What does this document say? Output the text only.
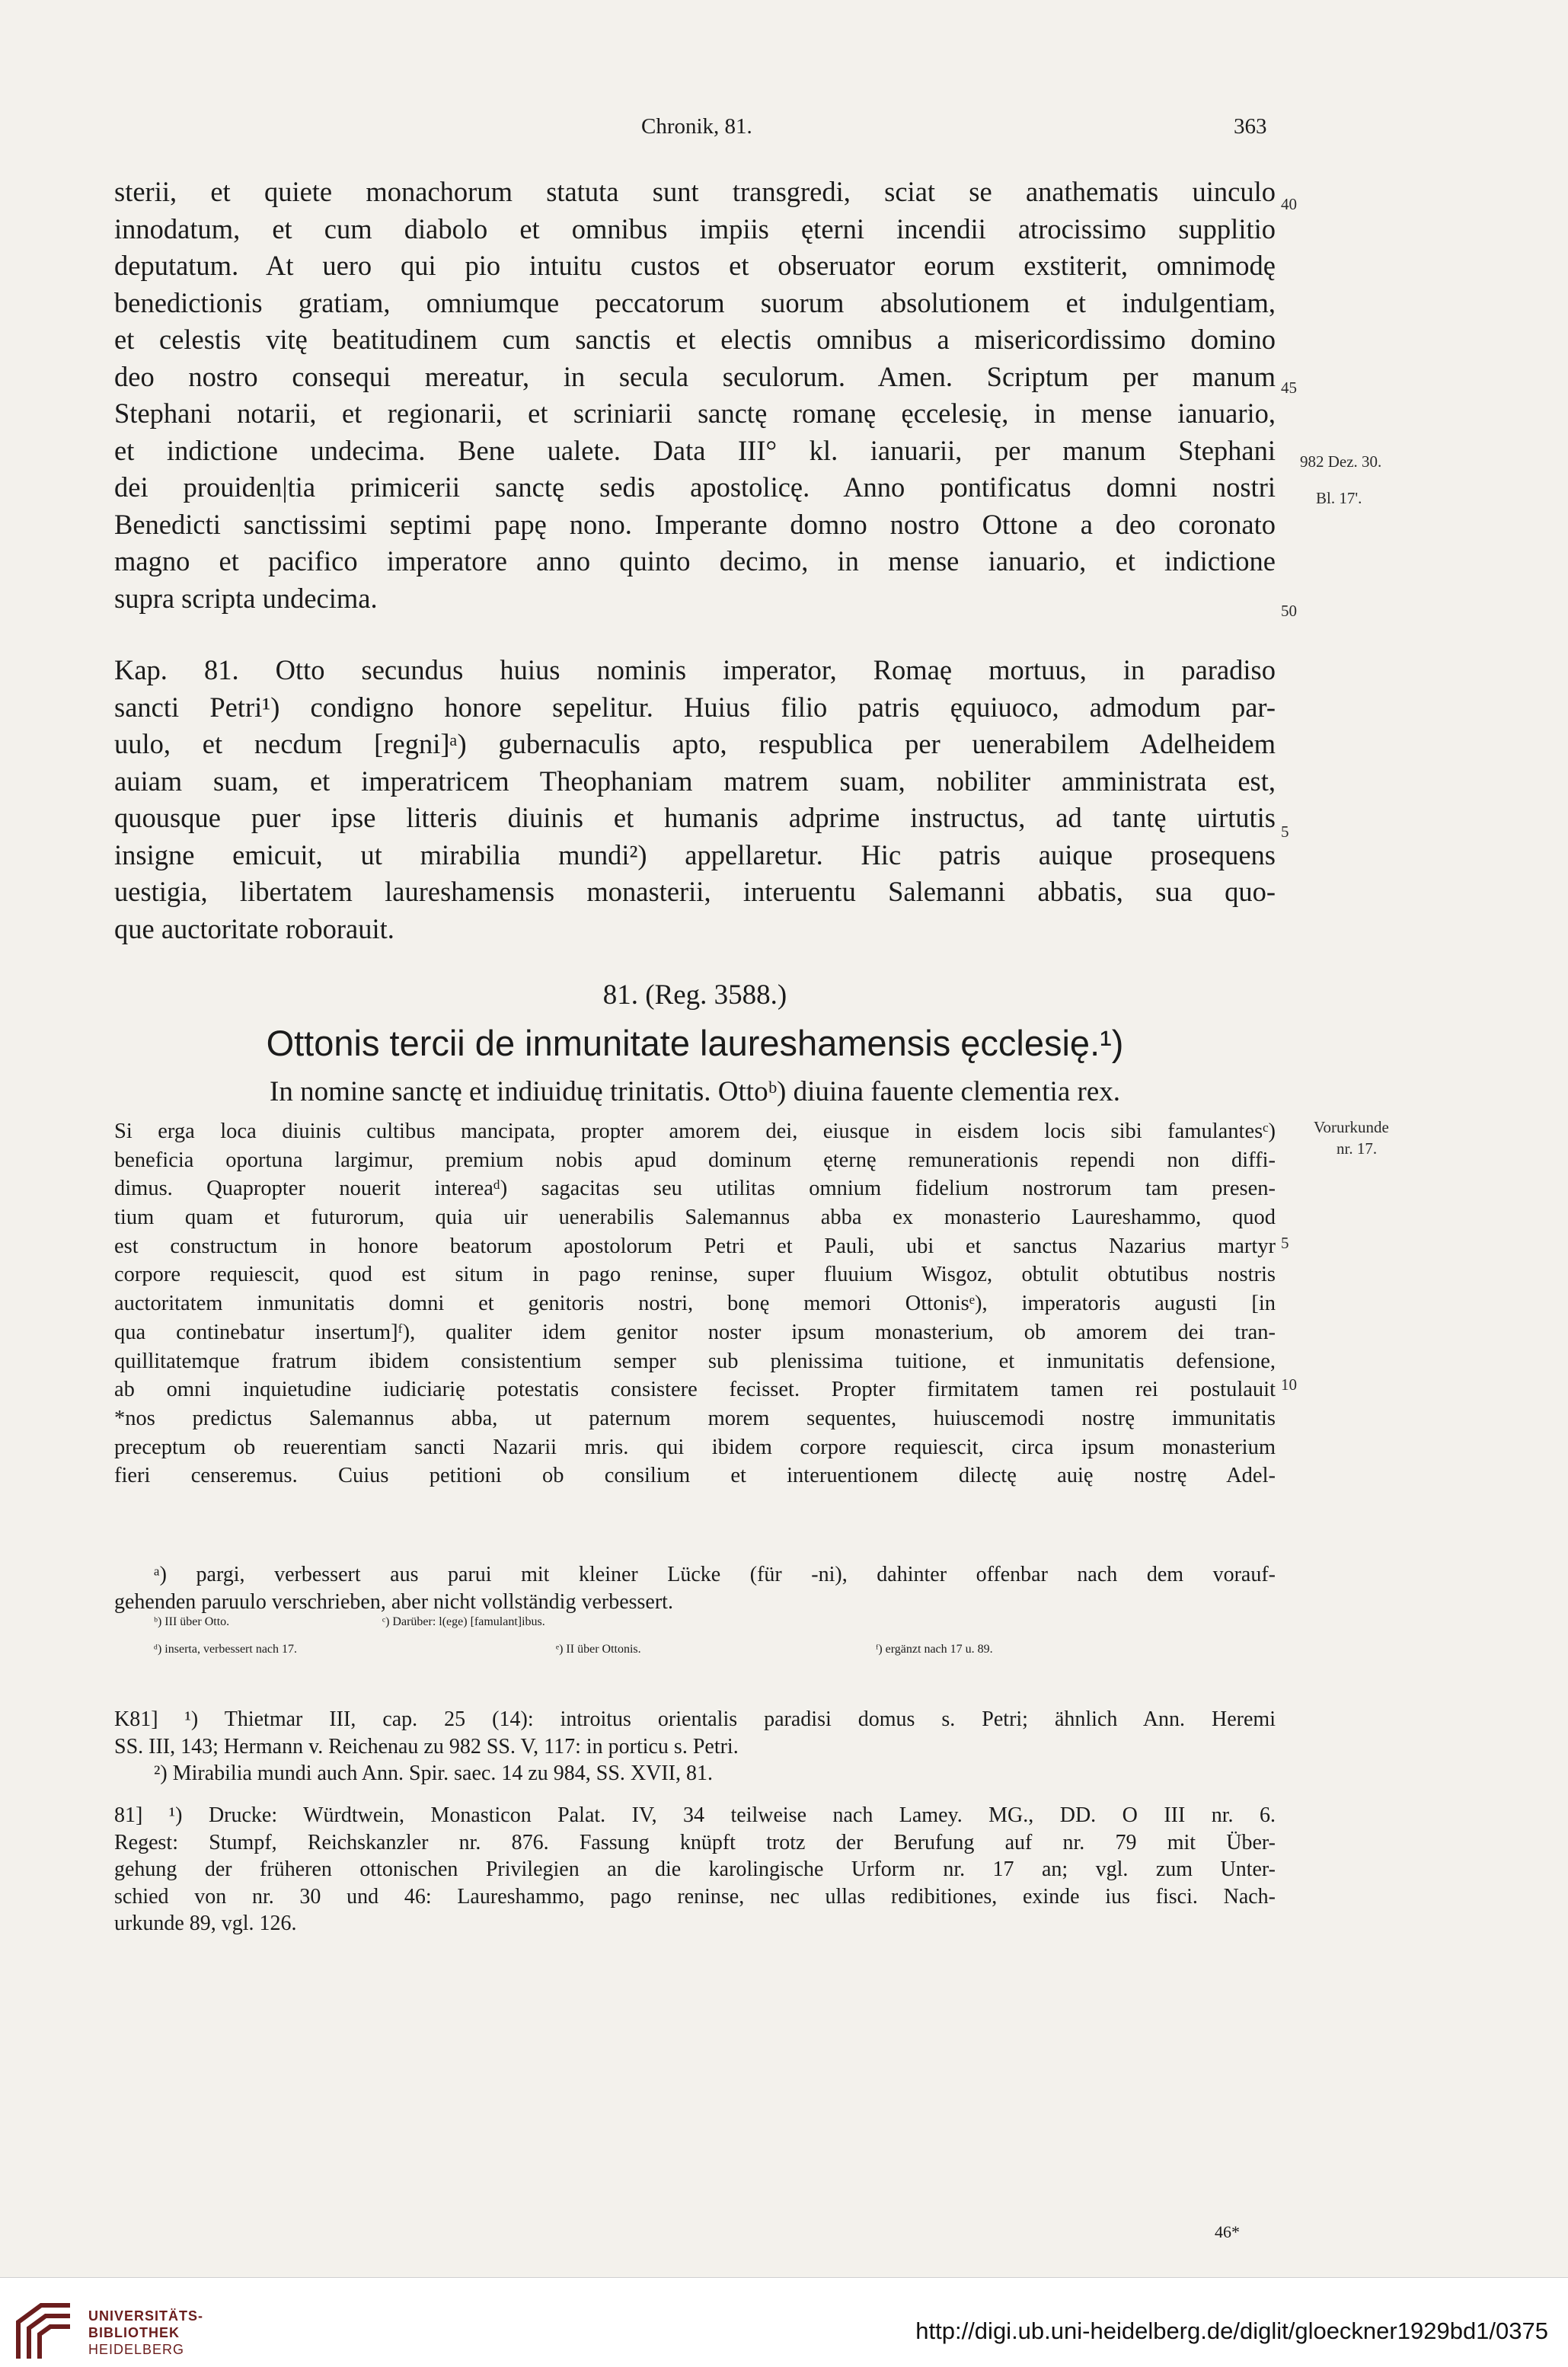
Chronik, 81.	363
sterii, et quiete monachorum statuta sunt transgredi, sciat se anathematis uinculo
innodatum, et cum diabolo et omnibus impiis ęterni incendii atrocissimo supplitio
deputatum. At uero qui pio intuitu custos et obseruator eorum exstiterit, omnimodę
benedictionis gratiam, omniumque peccatorum suorum absolutionem et indulgentiam,
et celestis vitę beatitudinem cum sanctis et electis omnibus a misericordissimo domino
deo nostro consequi mereatur, in secula seculorum. Amen. Scriptum per manum
Stephani notarii, et regionarii, et scriniarii sanctę romanę ęccelesię, in mense ianuario,
et indictione undecima. Bene ualete. Data III° kl. ianuarii, per manum Stephani
dei prouiden|tia primicerii sanctę sedis apostolicę. Anno pontificatus domni nostri
Benedicti sanctissimi septimi papę nono. Imperante domno nostro Ottone a deo coronato
magno et pacifico imperatore anno quinto decimo, in mense ianuario, et indictione
supra scripta undecima.
Kap. 81. Otto secundus huius nominis imperator, Romaę mortuus, in paradiso
sancti Petri¹) condigno honore sepelitur. Huius filio patris ęquiuoco, admodum par-
uulo, et necdum [regni]ᵃ) gubernaculis apto, respublica per uenerabilem Adelheidem
auiam suam, et imperatricem Theophaniam matrem suam, nobiliter amministrata est,
quousque puer ipse litteris diuinis et humanis adprime instructus, ad tantę uirtutis
insigne emicuit, ut mirabilia mundi²) appellaretur. Hic patris auique prosequens
uestigia, libertatem laureshamensis monasterii, interuentu Salemanni abbatis, sua quo-
que auctoritate roborauit.
81. (Reg. 3588.)
Ottonis tercii de inmunitate laureshamensis ęcclesię.¹)
In nomine sanctę et indiuiduę trinitatis. Ottoᵇ) diuina fauente clementia rex.
Si erga loca diuinis cultibus mancipata, propter amorem dei, eiusque in eisdem locis sibi famulantesᶜ)
beneficia oportuna largimur, premium nobis apud dominum ęternę remunerationis rependi non diffi-
dimus. Quapropter nouerit intereaᵈ) sagacitas seu utilitas omnium fidelium nostrorum tam presen-
tium quam et futurorum, quia uir uenerabilis Salemannus abba ex monasterio Laureshammo, quod
est constructum in honore beatorum apostolorum Petri et Pauli, ubi et sanctus Nazarius martyr
corpore requiescit, quod est situm in pago reninse, super fluuium Wisgoz, obtulit obtutibus nostris
auctoritatem inmunitatis domni et genitoris nostri, bonę memori Ottonisᵉ), imperatoris augusti [in
qua continebatur insertum]ᶠ), qualiter idem genitor noster ipsum monasterium, ob amorem dei tran-
quillitatemque fratrum ibidem consistentium semper sub plenissima tuitione, et inmunitatis defensione,
ab omni inquietudine iudiciarię potestatis consistere fecisset. Propter firmitatem tamen rei postulauit
*nos predictus Salemannus abba, ut paternum morem sequentes, huiuscemodi nostrę immunitatis
preceptum ob reuerentiam sancti Nazarii mris. qui ibidem corpore requiescit, circa ipsum monasterium
fieri censeremus. Cuius petitioni ob consilium et interuentionem dilectę auię nostrę Adel-
ᵃ) pargi, verbessert aus parui mit kleiner Lücke (für -ni), dahinter offenbar nach dem vorauf-
gehenden paruulo verschrieben, aber nicht vollständig verbessert.
ᵇ) III über Otto.	ᶜ) Darüber: l(ege) [famulant]ibus.
ᵈ) inserta, verbessert nach 17.	ᵉ) II über Ottonis.	ᶠ) ergänzt nach 17 u. 89.
K81] ¹) Thietmar III, cap. 25 (14): introitus orientalis paradisi domus s. Petri; ähnlich Ann. Heremi
SS. III, 143; Hermann v. Reichenau zu 982 SS. V, 117: in porticu s. Petri.
²) Mirabilia mundi auch Ann. Spir. saec. 14 zu 984, SS. XVII, 81.
81] ¹) Drucke: Würdtwein, Monasticon Palat. IV, 34 teilweise nach Lamey. MG., DD. O III nr. 6.
Regest: Stumpf, Reichskanzler nr. 876. Fassung knüpft trotz der Berufung auf nr. 79 mit Über-
gehung der früheren ottonischen Privilegien an die karolingische Urform nr. 17 an; vgl. zum Unter-
schied von nr. 30 und 46: Laureshammo, pago reninse, nec ullas redibitiones, exinde ius fisci. Nach-
urkunde 89, vgl. 126.
46*
40
45
982 Dez. 30.
Bl. 17'.
50
5
Vorurkunde
nr. 17.
5
10
UNIVERSITÄTS-
BIBLIOTHEK
HEIDELBERG
http://digi.ub.uni-heidelberg.de/diglit/gloeckner1929bd1/0375
